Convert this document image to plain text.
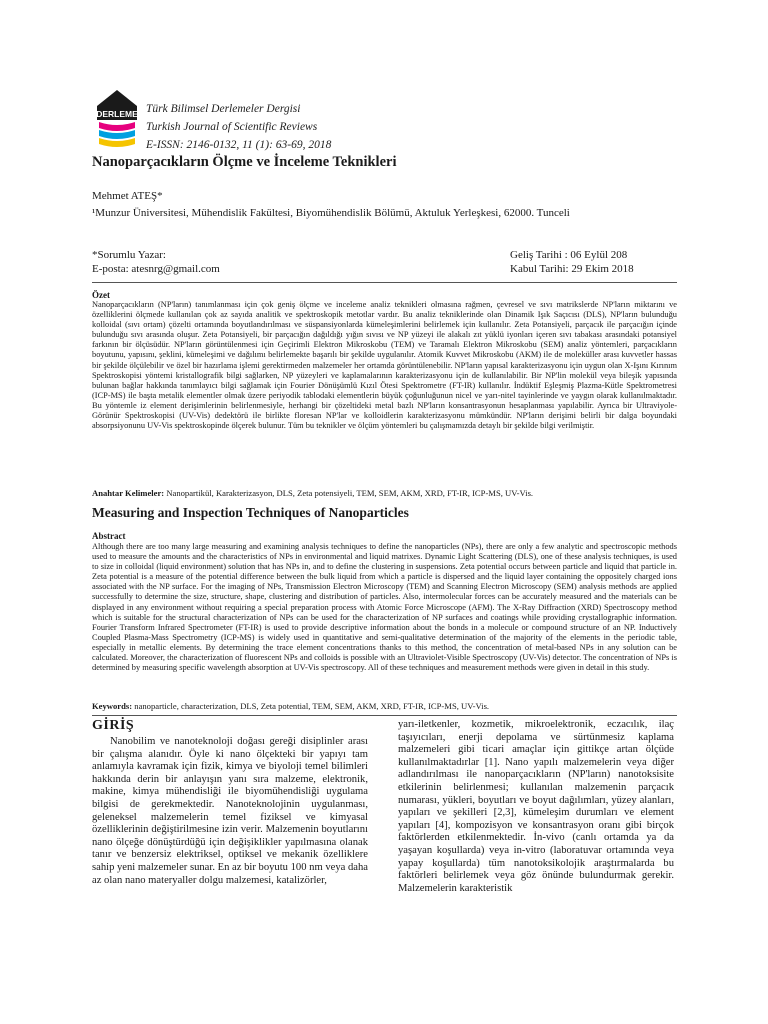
DERLEME Türk Bilimsel Derlemeler Dergisi
Turkish Journal of Scientific Reviews
E-ISSN: 2146-0132, 11 (1): 63-69, 2018
Nanoparçacıkların Ölçme ve İnceleme Teknikleri
Mehmet ATEŞ*
¹Munzur Üniversitesi, Mühendislik Fakültesi, Biyomühendislik Bölümü, Aktuluk Yerleşkesi, 62000. Tunceli
*Sorumlu Yazar:
E-posta: atesnrg@gmail.com
Geliş Tarihi : 06 Eylül 208
Kabul Tarihi: 29 Ekim 2018
Özet

Nanoparçacıkların (NP'ların) tanımlanması için çok geniş ölçme ve inceleme analiz teknikleri olmasına rağmen, çevresel ve sıvı matrikslerde NP'ların miktarını ve özelliklerini ölçmede kullanılan çok az sayıda analitik ve spektroskopik metotlar vardır. Bu analiz tekniklerinde olan Dinamik Işık Saçıcısı (DLS), NP'ların bulunduğu kolloidal (sıvı ortam) çözelti ortamında boyutlandırılması ve süspansiyonlarda kümeleşimlerini belirlemek için kullanılır. Zeta Potansiyeli, parçacık ile parçacığın içinde bulunduğu sıvı arasında oluşur. Zeta Potansiyeli, bir parçacığın dağıldığı yığın sıvısı ve NP yüzeyi ile alakalı zıt yüklü iyonları içeren sıvı tabakası arasındaki potansiyel farkının bir ölçüsüdür. NP'ların görüntülenmesi için Geçirimli Elektron Mikroskobu (TEM) ve Taramalı Elektron Mikroskobu (SEM) analiz yöntemleri, parçacıkların boyutunu, yapısını, şeklini, kümeleşimi ve dağılımı belirlemekte başarılı bir şekilde uygulanılır. Atomik Kuvvet Mikroskobu (AKM) ile de moleküller arası kuvvetler hassas bir şekilde ölçülebilir ve özel bir hazırlama işlemi gerektirmeden malzemeler her ortamda görüntülenebilir. NP'ların yapısal karakterizasyonu için uygun olan X-Işını Kırınım Spektroskopisi yöntemi kristallografik bilgi sağlarken, NP yüzeyleri ve kaplamalarının karakterizasyonu için de kullanılabilir. Bir NP'lin molekül veya bileşik yapısında bulunan bağlar hakkında tanımlayıcı bilgi sağlamak için Fourier Dönüşümlü Kızıl Ötesi Spektrometre (FT-IR) kullanılır. İndüktif Eşleşmiş Plazma-Kütle Spektrometresi (ICP-MS) ile başta metalik elementler olmak üzere periyodik tablodaki elementlerin büyük çoğunluğunun nicel ve yarı-nitel tayinlerinde ve yaygın olarak kullanılmaktadır. Bu yöntemle iz element derişimlerinin belirlenmesiyle, herhangi bir çözeltideki metal bazlı NP'ların konsantrasyonun hesaplanması yapılabilir. Ayrıca bir Ultraviyole-Görünür Spektroskopisi (UV-Vis) dedektörü ile birlikte floresan NP'lar ve kolloidlerin karakterizasyonu mümkündür. NP'ların derişimi belirli bir dalga boyundaki absorpsiyonunu UV-Vis spektroskopinde ölçerek bulunur. Tüm bu teknikler ve ölçüm yöntemleri bu çalışmamızda detaylı bir şekilde bilgi verilmiştir.

Anahtar Kelimeler: Nanopartikül, Karakterizasyon, DLS, Zeta potensiyeli, TEM, SEM, AKM, XRD, FT-IR, ICP-MS, UV-Vis.
Measuring and Inspection Techniques of Nanoparticles
Abstract

Although there are too many large measuring and examining analysis techniques to define the nanoparticles (NPs), there are only a few analytic and spectroscopic methods used to measure the amounts and the characteristics of NPs in environmental and liquid matrixes. Dynamic Light Scattering (DLS), one of these analysis techniques, is used to size in colloidal (liquid environment) solution that has NPs in, and to define the clustering in suspensions. Zeta potential occurs between particle and liquid that particle in. Zeta potential is a measure of the potential difference between the bulk liquid from which a particle is dispersed and the liquid layer containing the oppositely charged ions associated with the NP surface. For the imaging of NPs, Transmission Electron Microscopy (TEM) and Scanning Electron Microscopy (SEM) analysis methods are applied successfully to determine the size, structure, shape, clustering and distribution of particles. Also, intermolecular forces can be accurately measured and the materials can be displayed in any environment without requiring a special preparation process with Atomic Force Microscope (AFM). The X-Ray Diffraction (XRD) Spectroscopy method which is suitable for the structural characterization of NPs can be used for the characterization of NP surfaces and coatings while providing crystallographic information. Fourier Transform Infrared Spectrometer (FT-IR) is used to provide descriptive information about the bonds in a molecule or compound structure of an NP. Inductively Coupled Plasma-Mass Spectrometry (ICP-MS) is widely used in quantitative and semi-qualitative determination of the majority of the elements in the periodic table, especially in metallic elements. By determining the trace element concentrations thanks to this method, the concentration of metal-based NPs in any solution can be calculated. Moreover, the characterization of fluorescent NPs and colloids is possible with an Ultraviolet-Visible Spectroscopy (UV-Vis) detector. The concentration of NPs is determined by measuring specific wavelength absorption at UV-Vis spectroscopy. All of these techniques and measurement methods were given in detail in this study.

Keywords: nanoparticle, characterization, DLS, Zeta potential, TEM, SEM, AKM, XRD, FT-IR, ICP-MS, UV-Vis.
GİRİŞ

Nanobilim ve nanoteknoloji doğası gereği disiplinler arası bir çalışma alanıdır. Öyle ki nano ölçekteki bir yapıyı tam anlamıyla kavramak için fizik, kimya ve biyoloji temel bilimleri hakkında derin bir anlayışın yanı sıra malzeme, elektronik, makine, kimya mühendisliği ile biyomühendisliği uygulama bilgisi de gerekmektedir. Nanoteknolojinin uygulanması, geleneksel malzemelerin temel fiziksel ve kimyasal özelliklerinin değiştirilmesine izin verir. Malzemenin boyutlarını nano ölçeğe dönüştürdüğü için değişiklikler yapılmasına olanak tanır ve benzersiz elektriksel, optiksel ve mekanik özelliklere sahip yeni malzemeler sunar. En az bir boyutu 100 nm veya daha az olan nano materyaller dolgu malzemesi, katalizörler,

yarı-iletkenler, kozmetik, mikroelektronik, eczacılık, ilaç taşıyıcıları, enerji depolama ve sürtünmesiz kaplama malzemeleri gibi ticari amaçlar için gittikçe artan ölçüde kullanılmaktadırlar [1]. Nano yapılı malzemelerin veya diğer adlandırılması ile nanoparçacıkların (NP'ların) nanotoksisite etkilerinin belirlenmesi; kullanılan malzemenin parçacık numarası, yükleri, boyutları ve boyut dağılımları, yüzey alanları, yapıları ve şekilleri [2,3], kümeleşim durumları ve element yapıları [4], kompozisyon ve konsantrasyon oranı gibi birçok faktörlerden etkilenmektedir. İn-vivo (canlı ortamda ya da yaşayan koşullarda) veya in-vitro (laboratuvar ortamında veya yapay koşullarda) tüm nanotoksikolojik araştırmalarda bu faktörleri belirlemek veya göz önünde bulundurmak gerekir. Malzemelerin karakteristik
